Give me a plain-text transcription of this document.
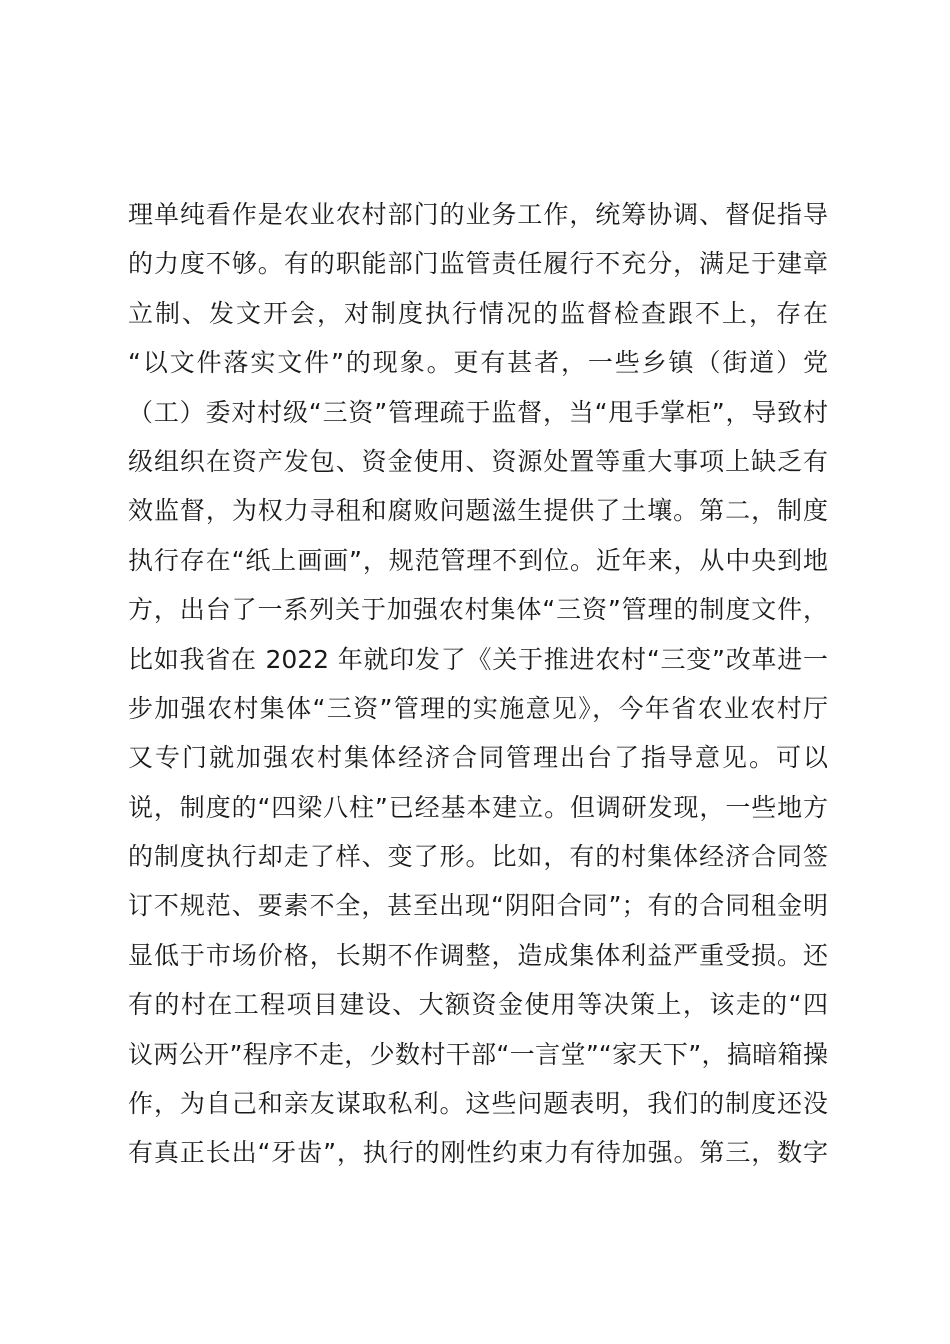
理单纯看作是农业农村部门的业务工作，统筹协调、督促指导
的力度不够。有的职能部门监管责任履行不充分，满足于建章
立制、发文开会，对制度执行情况的监督检查跟不上，存在
“以文件落实文件”的现象。更有甚者，一些乡镇（街道）党
（工）委对村级“三资”管理疏于监督，当“甩手掌柜”，导致村
级组织在资产发包、资金使用、资源处置等重大事项上缺乏有
效监督，为权力寻租和腐败问题滋生提供了土壤。第二，制度
执行存在“纸上画画”，规范管理不到位。近年来，从中央到地
方，出台了一系列关于加强农村集体“三资”管理的制度文件，
比如我省在 2022 年就印发了《关于推进农村“三变”改革进一
步加强农村集体“三资”管理的实施意见》，今年省农业农村厅
又专门就加强农村集体经济合同管理出台了指导意见。可以
说，制度的“四梁八柱”已经基本建立。但调研发现，一些地方
的制度执行却走了样、变了形。比如，有的村集体经济合同签
订不规范、要素不全，甚至出现“阴阳合同”；有的合同租金明
显低于市场价格，长期不作调整，造成集体利益严重受损。还
有的村在工程项目建设、大额资金使用等决策上，该走的“四
议两公开”程序不走，少数村干部“一言堂”“家天下”，搞暗箱操
作，为自己和亲友谋取私利。这些问题表明，我们的制度还没
有真正长出“牙齿”，执行的刚性约束力有待加强。第三，数字
